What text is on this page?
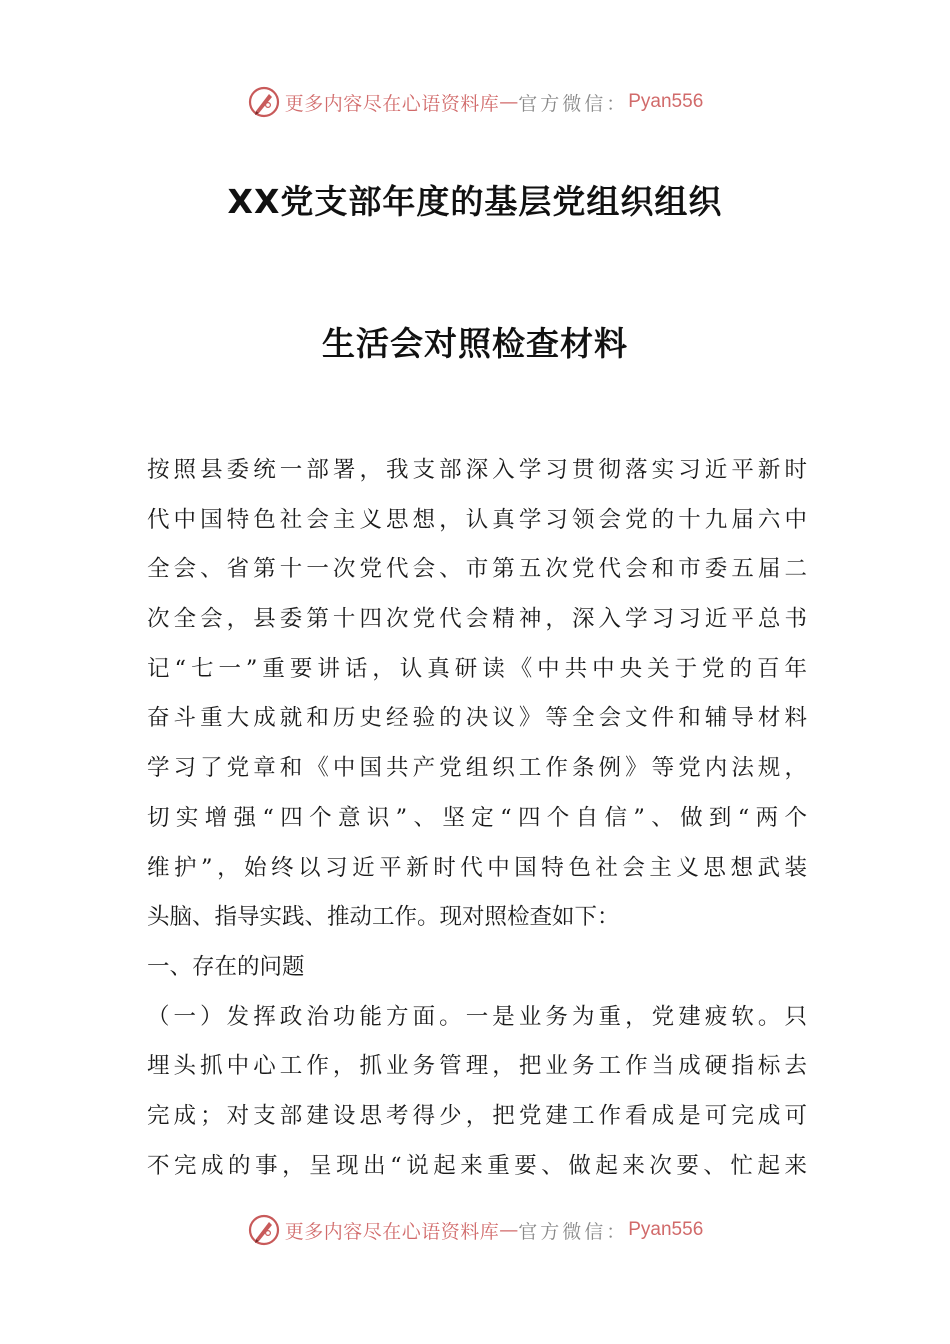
更多内容尽在心语资料库 — 官方微信： Pyan556
XX党支部年度的基层党组织组织
生活会对照检查材料
按照县委统一部署，我支部深入学习贯彻落实习近平新时
代中国特色社会主义思想，认真学习领会党的十九届六中
全会、省第十一次党代会、市第五次党代会和市委五届二
次全会，县委第十四次党代会精神，深入学习习近平总书
记“七一”重要讲话，认真研读《中共中央关于党的百年
奋斗重大成就和历史经验的决议》等全会文件和辅导材料
学习了党章和《中国共产党组织工作条例》等党内法规，
切实增强“四个意识”、坚定“四个自信”、做到“两个
维护”，始终以习近平新时代中国特色社会主义思想武装
头脑、指导实践、推动工作。现对照检查如下：
一、存在的问题
（一）发挥政治功能方面。一是业务为重，党建疲软。只
埋头抓中心工作，抓业务管理，把业务工作当成硬指标去
完成；对支部建设思考得少，把党建工作看成是可完成可
不完成的事，呈现出“说起来重要、做起来次要、忙起来
更多内容尽在心语资料库 — 官方微信： Pyan556
